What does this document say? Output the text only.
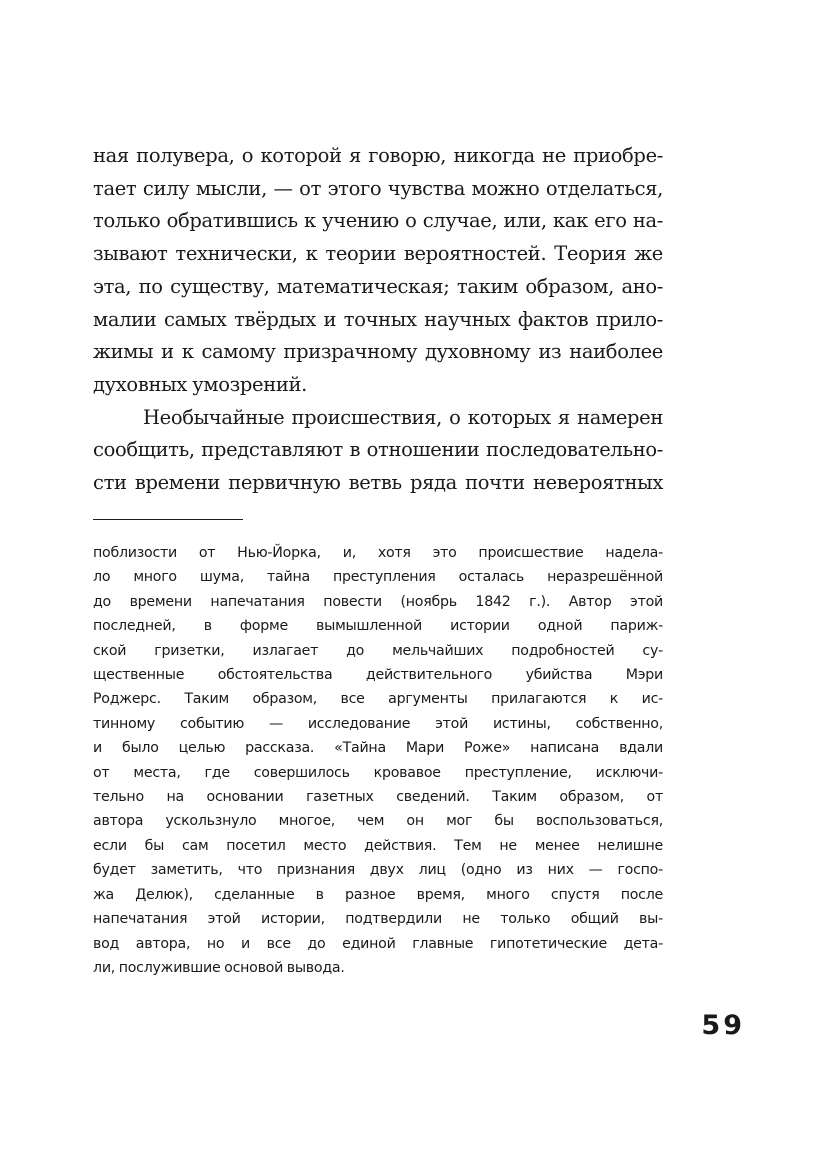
ная полувера, о которой я говорю, никогда не приобре-
тает силу мысли, — от этого чувства можно отделаться,
только обратившись к учению о случае, или, как его на-
зывают технически, к теории вероятностей. Теория же
эта, по существу, математическая; таким образом, ано-
малии самых твёрдых и точных научных фактов прило-
жимы и к самому призрачному духовному из наиболее
духовных умозрений.
Необычайные происшествия, о которых я намерен
сообщить, представляют в отношении последовательно-
сти времени первичную ветвь ряда почти невероятных
поблизости от Нью-Йорка, и, хотя это происшествие надела-
ло много шума, тайна преступления осталась неразрешённой
до времени напечатания повести (ноябрь 1842 г.). Автор этой
последней, в форме вымышленной истории одной париж-
ской гризетки, излагает до мельчайших подробностей су-
щественные обстоятельства действительного убийства Мэри
Роджерс. Таким образом, все аргументы прилагаются к ис-
тинному событию — исследование этой истины, собственно,
и было целью рассказа. «Тайна Мари Роже» написана вдали
от места, где совершилось кровавое преступление, исключи-
тельно на основании газетных сведений. Таким образом, от
автора ускользнуло многое, чем он мог бы воспользоваться,
если бы сам посетил место действия. Тем не менее нелишне
будет заметить, что признания двух лиц (одно из них — госпо-
жа Делюк), сделанные в разное время, много спустя после
напечатания этой истории, подтвердили не только общий вы-
вод автора, но и все до единой главные гипотетические дета-
ли, послужившие основой вывода.
59
